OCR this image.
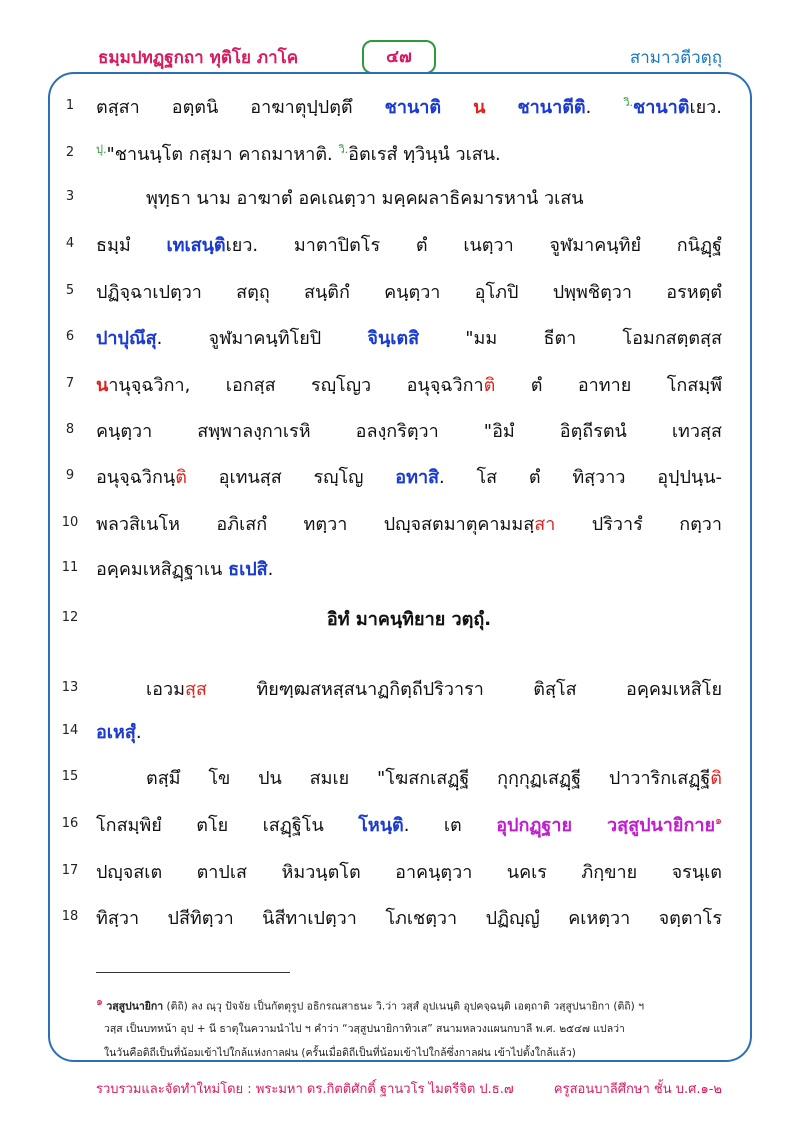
ธมฺมปทฏฺฐกถา ทุติโย ภาโค	๔๗	สามาวตีวตฺถุ
1	ตสฺสา อตฺตนิ อาฆาตุปฺปตฺตึ ชานาติ น ชานาตีติ. $^{วิ.}$ชานาติเยว.
2	$^{ปุ.}$"ชานนฺโต กสฺมา คาถมาหาติ. $^{วิ.}$อิตเรสํ ทฺวินฺนํ วเสน.
3	พุทฺธา นาม อาฆาตํ อคเณตฺวา มคฺคผลาธิคมารหานํ วเสน
4	ธมฺมํ เทเสนฺติเยว. มาตาปิตโร ตํ เนตฺวา จูฬมาคนฺทิยํ กนิฏฺฐํ
5	ปฏิจฺฉาเปตฺวา สตฺถุ สนฺติกํ คนฺตฺวา อุโภปิ ปพฺพชิตฺวา อรหตฺตํ
6	ปาปุณึสุ. จูฬมาคนฺทิโยปิ จินฺเตสิ "มม ธีตา โอมกสตฺตสฺส
7	นานุจฺฉวิกา, เอกสฺส รญฺโญว อนุจฺฉวิกาติ ตํ อาทาย โกสมฺพึ
8	คนฺตฺวา สพฺพาลงฺกาเรหิ อลงฺกริตฺวา "อิมํ อิตฺถีรตนํ เทวสฺส
9	อนุจฺฉวิกนฺติ อุเทนสฺส รญฺโญ อทาสิ. โส ตํ ทิสฺวาว อุปฺปนฺน-
10 พลวสิเนโห อภิเสกํ ทตฺวา ปญฺจสตมาตุคามมสฺสา ปริวารํ กตฺวา
11 อคฺคมเหสิฏฺฐาเน ธเปสิ.
12	อิทํ มาคนฺทิยาย วตฺถุํ.
13	เอวมสฺส ทิยฑฺฒสหสฺสนาฏกิตฺถีปริวารา ติสฺโส อคฺคมเหสิโย
14 อเหสุํ.
15	ตสฺมึ โข ปน สมเย "โฆสกเสฏฺฐี กุกฺกุฏเสฏฺฐี ปาวาริกเสฏฺฐีติ
16 โกสมฺพิยํ ตโย เสฏฺฐิโน โหนฺติ. เต อุปกฏฺฐาย วสฺสูปนายิกาย$^๑$
17 ปญฺจสเต ตาปเส หิมวนฺตโต อาคนฺตฺวา นคเร ภิกฺขาย จรนฺเต
18 ทิสฺวา ปสีทิตฺวา นิสีทาเปตฺวา โภเชตฺวา ปฏิญฺญํ คเหตฺวา จตฺตาโร
๑ วสฺสูปนายิกา (ติถิ) ลง ณฺวุ ปัจจัย เป็นกัตตุรูป อธิกรณสาธนะ วิ.ว่า วสฺสํ อุปเนนฺติ อุปคจฺฉนฺติ เอตฺถาติ วสฺสูปนายิกา (ติถิ) ฯ
วสฺส เป็นบทหน้า อุป + นี ธาตุในความนำไป ฯ คำว่า “วสฺสูปนายิกาทิวเส” สนามหลวงแผนกบาลี พ.ศ. ๒๕๔๗ แปลว่า
ในวันคือดิถีเป็นที่น้อมเข้าไปใกล้แห่งกาลฝน (ครั้นเมื่อดิถีเป็นที่น้อมเข้าไปใกล้ซึ่งกาลฝน เข้าไปตั้งใกล้แล้ว)
รวบรวมและจัดทำใหม่โดย : พระมหา ดร.กิตติศักดิ์ ฐานวโร ไมตรีจิต ป.ธ.๗	ครูสอนบาลีศึกษา ชั้น บ.ศ.๑-๒
